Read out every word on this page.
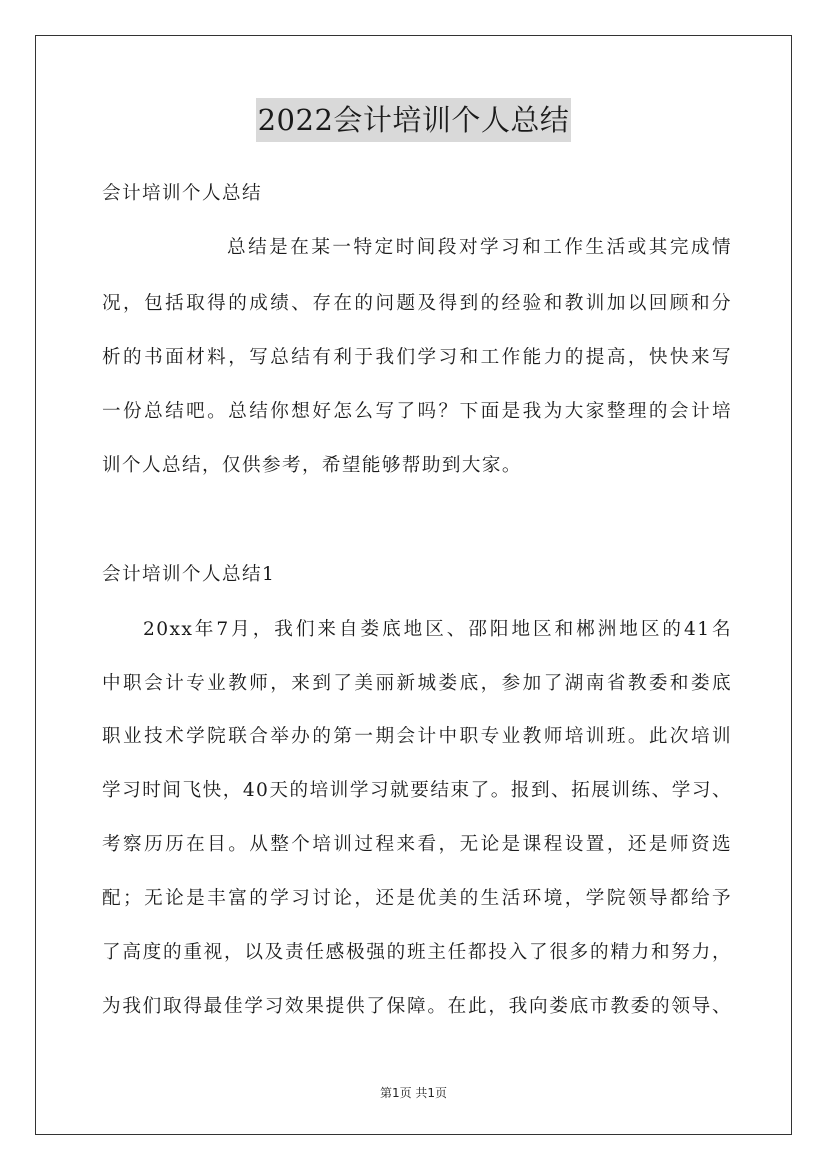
2022会计培训个人总结
会计培训个人总结
总结是在某一特定时间段对学习和工作生活或其完成情
况，包括取得的成绩、存在的问题及得到的经验和教训加以回顾和分
析的书面材料，写总结有利于我们学习和工作能力的提高，快快来写
一份总结吧。总结你想好怎么写了吗？下面是我为大家整理的会计培
训个人总结，仅供参考，希望能够帮助到大家。
会计培训个人总结1
20xx年7月，我们来自娄底地区、邵阳地区和郴洲地区的41名
中职会计专业教师，来到了美丽新城娄底，参加了湖南省教委和娄底
职业技术学院联合举办的第一期会计中职专业教师培训班。此次培训
学习时间飞快，40天的培训学习就要结束了。报到、拓展训练、学习、
考察历历在目。从整个培训过程来看，无论是课程设置，还是师资选
配；无论是丰富的学习讨论，还是优美的生活环境，学院领导都给予
了高度的重视，以及责任感极强的班主任都投入了很多的精力和努力，
为我们取得最佳学习效果提供了保障。在此，我向娄底市教委的领导、
第1页 共1页
